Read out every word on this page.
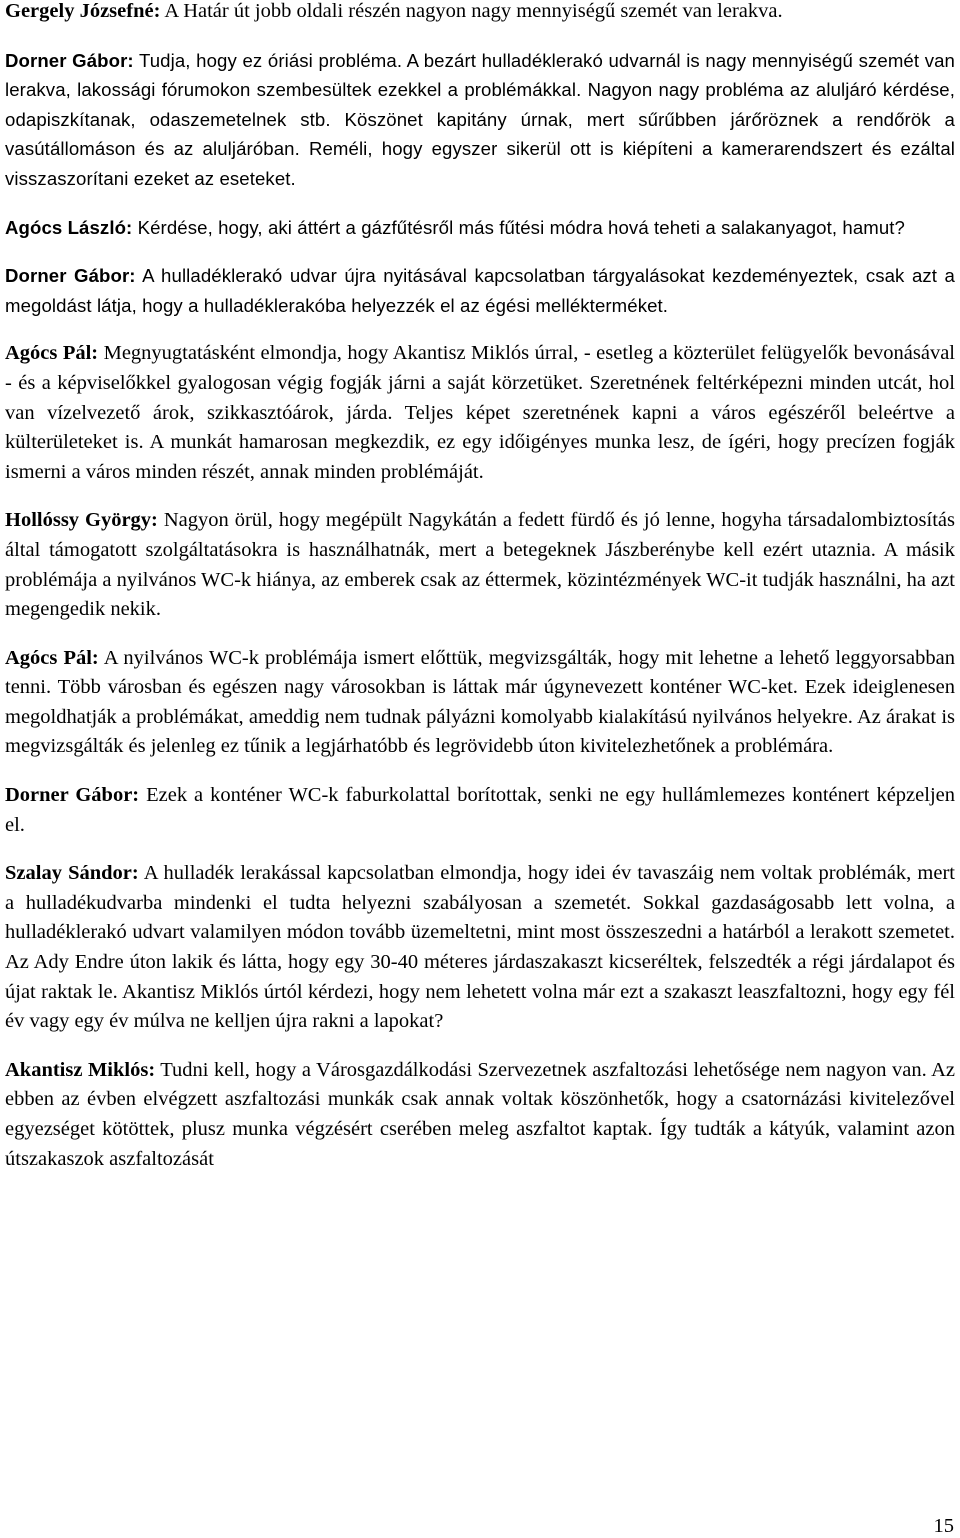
Gergely Józsefné: A Határ út jobb oldali részén nagyon nagy mennyiségű szemét van lerakva.

Dorner Gábor: Tudja, hogy ez óriási probléma. A bezárt hulladéklerakó udvarnál is nagy mennyiségű szemét van lerakva, lakossági fórumokon szembesültek ezekkel a problémákkal. Nagyon nagy probléma az aluljáró kérdése, odapiszkítanak, odaszemetelnek stb. Köszönet kapitány úrnak, mert sűrűbben járőröznek a rendőrök a vasútállomáson és az aluljáróban. Reméli, hogy egyszer sikerül ott is kiépíteni a kamerarendszert és ezáltal visszaszorítani ezeket az eseteket.

Agócs László: Kérdése, hogy, aki áttért a gázfűtésről más fűtési módra hová teheti a salakanyagot, hamut?

Dorner Gábor: A hulladéklerakó udvar újra nyitásával kapcsolatban tárgyalásokat kezdeményeztek, csak azt a megoldást látja, hogy a hulladéklerakóba helyezzék el az égési mellékterméket.

Agócs Pál: Megnyugtatásként elmondja, hogy Akantisz Miklós úrral, - esetleg a közterület felügyelők bevonásával - és a képviselőkkel gyalogosan végig fogják járni a saját körzetüket. Szeretnének feltérképezni minden utcát, hol van vízelvezető árok, szikkasztóárok, járda. Teljes képet szeretnének kapni a város egészéről beleértve a külterületeket is. A munkát hamarosan megkezdik, ez egy időigényes munka lesz, de ígéri, hogy precízen fogják ismerni a város minden részét, annak minden problémáját.

Hollóssy György: Nagyon örül, hogy megépült Nagykátán a fedett fürdő és jó lenne, hogyha társadalombiztosítás által támogatott szolgáltatásokra is használhatnák, mert a betegeknek Jászberénybe kell ezért utaznia. A másik problémája a nyilvános WC-k hiánya, az emberek csak az éttermek, közintézmények WC-it tudják használni, ha azt megengedik nekik.

Agócs Pál: A nyilvános WC-k problémája ismert előttük, megvizsgálták, hogy mit lehetne a lehető leggyorsabban tenni. Több városban és egészen nagy városokban is láttak már úgynevezett konténer WC-ket. Ezek ideiglenesen megoldhatják a problémákat, ameddig nem tudnak pályázni komolyabb kialakítású nyilvános helyekre. Az árakat is megvizsgálták és jelenleg ez tűnik a legjárhatóbb és legrövidebb úton kivitelezhetőnek a problémára.

Dorner Gábor: Ezek a konténer WC-k faburkolattal borítottak, senki ne egy hullámlemezes konténert képzeljen el.

Szalay Sándor: A hulladék lerakással kapcsolatban elmondja, hogy idei év tavaszáig nem voltak problémák, mert a hulladékudvarba mindenki el tudta helyezni szabályosan a szemetét. Sokkal gazdaságosabb lett volna, a hulladéklerakó udvart valamilyen módon tovább üzemeltetni, mint most összeszedni a határból a lerakott szemetet. Az Ady Endre úton lakik és látta, hogy egy 30-40 méteres járdaszakaszt kicseréltek, felszedték a régi járdalapot és újat raktak le. Akantisz Miklós úrtól kérdezi, hogy nem lehetett volna már ezt a szakaszt leaszfaltozni, hogy egy fél év vagy egy év múlva ne kelljen újra rakni a lapokat?

Akantisz Miklós: Tudni kell, hogy a Városgazdálkodási Szervezetnek aszfaltozási lehetősége nem nagyon van. Az ebben az évben elvégzett aszfaltozási munkák csak annak voltak köszönhetők, hogy a csatornázási kivitelezővel egyezséget kötöttek, plusz munka végzésért cserében meleg aszfaltot kaptak. Így tudták a kátyúk, valamint azon útszakaszok aszfaltozását

15
